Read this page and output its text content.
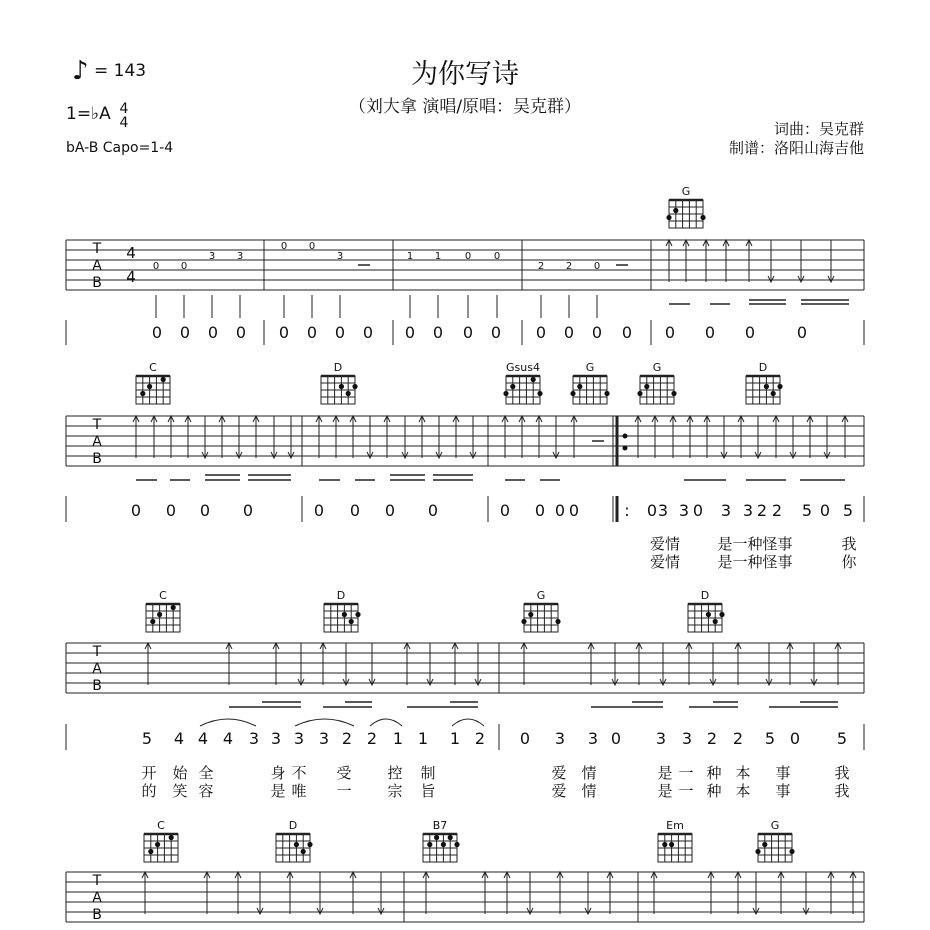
♪ = 143	为你写诗
（刘大拿 演唱/原唱：吴克群）
1=♭A 4
4
bA-B Capo=1-4
词曲：吴克群
制谱：洛阳山海吉他
T
A
B
4
4
0 0
3 3
0 0
3	1 1 0 0
2 2 0
G
0 0 0 0 0 0 0 0 0 0 0 0 0 0 0 0 0 0 0	0
T
A
B
C	D	Gsus4	G	G	D
0 0 0 0	0 0 0 0	0 0 0 0	0 3 3 0 3 3 2 2 5 0 5
:
爱情 是一种怪事	我
爱情 是一种怪事	你
T
A
B
C	D	G	D
5 4 4 4 3 3 3 3 2 2 1 1 1 2 0 3 3 0 3 3 2 2 5 0 5
开 始 全	身 不 受 控 制	爱 情	是 一 种 本 事	我
的 笑 容	是 唯 一 宗 旨	爱 情	是 一 种 本 事	我
T
A
B
C	D	B7	Em	G
